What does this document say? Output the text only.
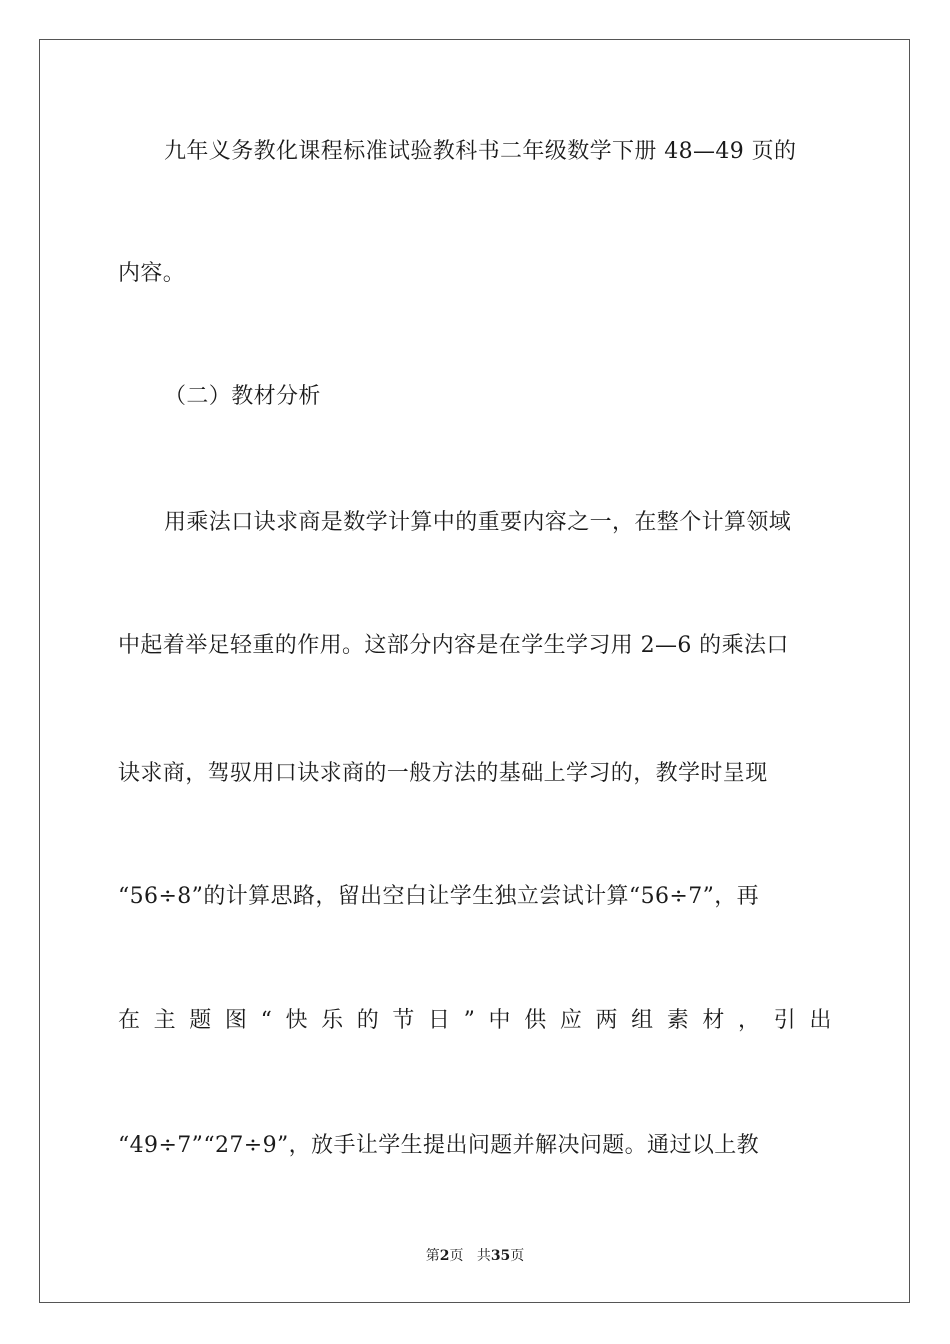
九年义务教化课程标准试验教科书二年级数学下册 48—49 页的
内容。
（二）教材分析
用乘法口诀求商是数学计算中的重要内容之一，在整个计算领域
中起着举足轻重的作用。这部分内容是在学生学习用 2—6 的乘法口
诀求商，驾驭用口诀求商的一般方法的基础上学习的，教学时呈现
“56÷8”的计算思路，留出空白让学生独立尝试计算“56÷7”，再
在 主 题 图 “ 快 乐 的 节 日 ” 中 供 应 两 组 素 材 ， 引 出
“49÷7”“27÷9”，放手让学生提出问题并解决问题。通过以上教
第2页 共35页
